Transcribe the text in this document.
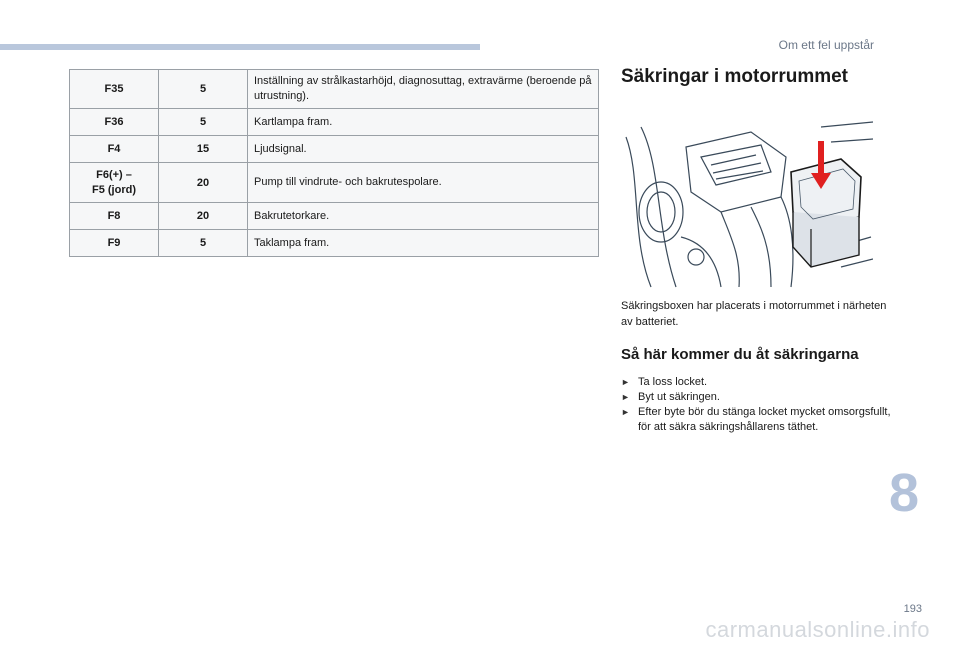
Om ett fel uppstår
F35	5	Inställning av strålkastarhöjd, diagnosuttag, extravärme (beroende på utrustning).
F36	5	Kartlampa fram.
F4	15	Ljudsignal.
F6(+) –
F5 (jord)	20	Pump till vindrute- och bakrutespolare.
F8	20	Bakrutetorkare.
F9	5	Taklampa fram.
Säkringar i motorrummet

Säkringsboxen har placerats i motorrummet i närheten av batteriet.

Så här kommer du åt säkringarna
► Ta loss locket.
► Byt ut säkringen.
► Efter byte bör du stänga locket mycket omsorgsfullt, för att säkra säkringshållarens täthet.
8
193
carmanualsonline.info
